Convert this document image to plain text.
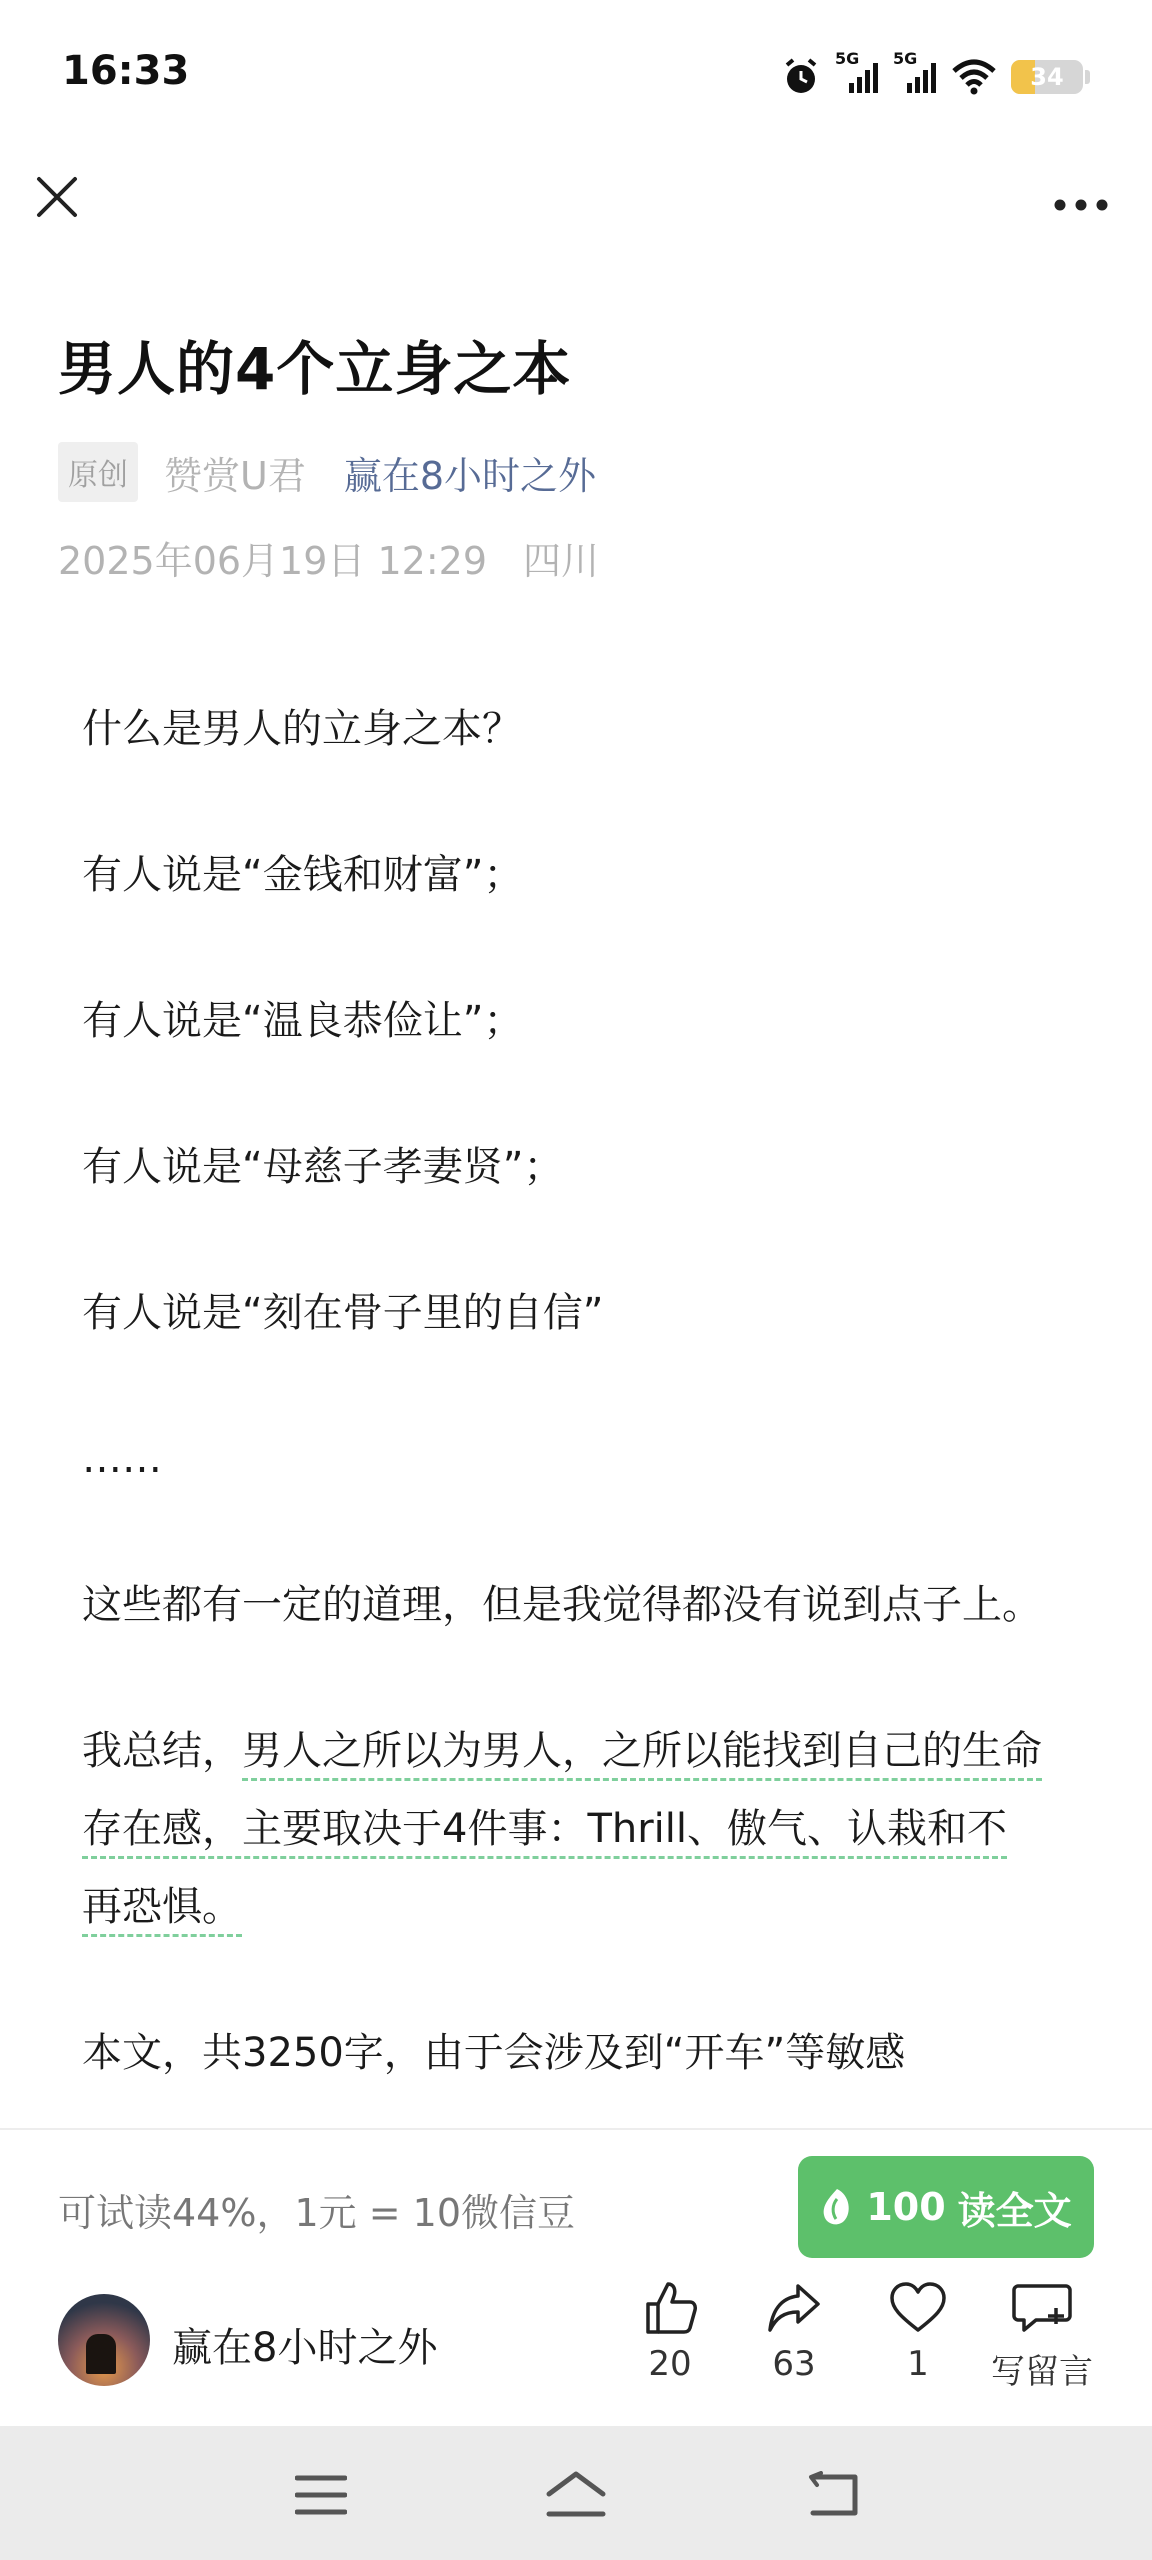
16:33	5G 5G
34
男人的4个立身之本
原创 赞赏U君 赢在8小时之外
2025年06月19日 12:29 四川

什么是男人的立身之本？

有人说是“金钱和财富”；

有人说是“温良恭俭让”；

有人说是“母慈子孝妻贤”；

有人说是“刻在骨子里的自信”

……

这些都有一定的道理，但是我觉得都没有说到点子上。

我总结，男人之所以为男人，之所以能找到自己的生命存在感，主要取决于4件事：Thrill、傲气、认栽和不再恐惧。

本文，共3250字，由于会涉及到“开车”等敏感

可试读44%，1元 = 10微信豆	100 读全文
赢在8小时之外	20 63	1 写留言
